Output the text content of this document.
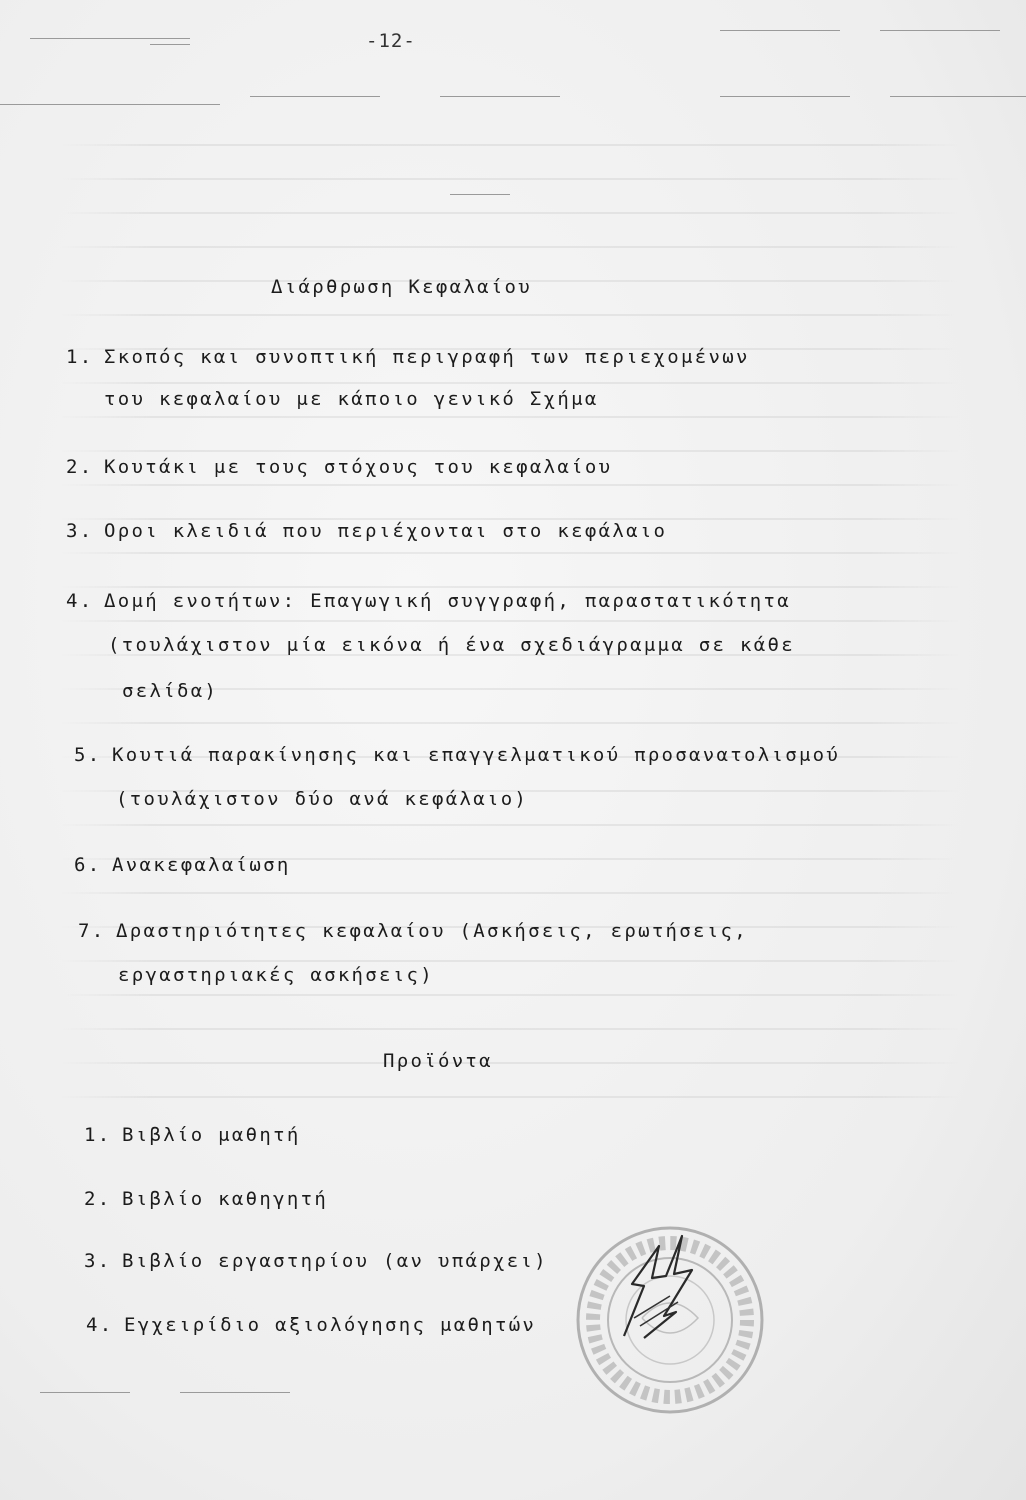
-12-
Διάρθρωση Κεφαλαίου
1. Σκοπός και συνοπτική περιγραφή των περιεχομένων
του κεφαλαίου με κάποιο γενικό Σχήμα
2. Κουτάκι με τους στόχους του κεφαλαίου
3. Οροι κλειδιά που περιέχονται στο κεφάλαιο
4. Δομή ενοτήτων: Επαγωγική συγγραφή, παραστατικότητα
(τουλάχιστον μία εικόνα ή ένα σχεδιάγραμμα σε κάθε
σελίδα)
5. Κουτιά παρακίνησης και επαγγελματικού προσανατολισμού
(τουλάχιστον δύο ανά κεφάλαιο)
6. Ανακεφαλαίωση
7. Δραστηριότητες κεφαλαίου (Ασκήσεις, ερωτήσεις,
εργαστηριακές ασκήσεις)
Προϊόντα
1. Βιβλίο μαθητή
2. Βιβλίο καθηγητή
3. Βιβλίο εργαστηρίου (αν υπάρχει)
4. Εγχειρίδιο αξιολόγησης μαθητών
